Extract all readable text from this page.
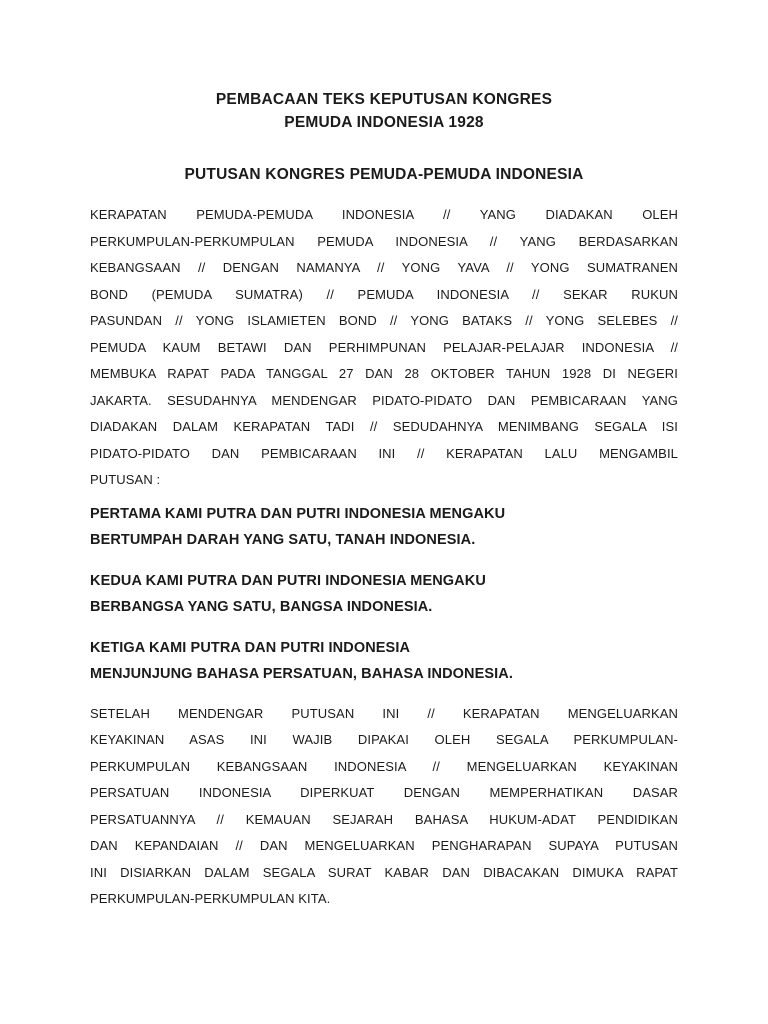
PEMBACAAN TEKS KEPUTUSAN KONGRES
PEMUDA INDONESIA 1928
PUTUSAN KONGRES PEMUDA-PEMUDA INDONESIA
KERAPATAN PEMUDA-PEMUDA INDONESIA // YANG DIADAKAN OLEH
PERKUMPULAN-PERKUMPULAN PEMUDA INDONESIA // YANG BERDASARKAN
KEBANGSAAN // DENGAN NAMANYA // YONG YAVA // YONG SUMATRANEN
BOND (PEMUDA SUMATRA) // PEMUDA INDONESIA // SEKAR RUKUN
PASUNDAN // YONG ISLAMIETEN BOND // YONG BATAKS // YONG SELEBES //
PEMUDA KAUM BETAWI DAN PERHIMPUNAN PELAJAR-PELAJAR INDONESIA //
MEMBUKA RAPAT PADA TANGGAL 27 DAN 28 OKTOBER TAHUN 1928 DI NEGERI
JAKARTA. SESUDAHNYA MENDENGAR PIDATO-PIDATO DAN PEMBICARAAN YANG
DIADAKAN DALAM KERAPATAN TADI // SEDUDAHNYA MENIMBANG SEGALA ISI
PIDATO-PIDATO DAN PEMBICARAAN INI // KERAPATAN LALU MENGAMBIL
PUTUSAN :
PERTAMA KAMI PUTRA DAN PUTRI INDONESIA MENGAKU
BERTUMPAH DARAH YANG SATU, TANAH INDONESIA.
KEDUA KAMI PUTRA DAN PUTRI INDONESIA MENGAKU
BERBANGSA YANG SATU, BANGSA INDONESIA.
KETIGA KAMI PUTRA DAN PUTRI INDONESIA
MENJUNJUNG BAHASA PERSATUAN, BAHASA INDONESIA.
SETELAH MENDENGAR PUTUSAN INI // KERAPATAN MENGELUARKAN
KEYAKINAN ASAS INI WAJIB DIPAKAI OLEH SEGALA PERKUMPULAN-
PERKUMPULAN KEBANGSAAN INDONESIA // MENGELUARKAN KEYAKINAN
PERSATUAN INDONESIA DIPERKUAT DENGAN MEMPERHATIKAN DASAR
PERSATUANNYA // KEMAUAN SEJARAH BAHASA HUKUM-ADAT PENDIDIKAN
DAN KEPANDAIAN // DAN MENGELUARKAN PENGHARAPAN SUPAYA PUTUSAN
INI DISIARKAN DALAM SEGALA SURAT KABAR DAN DIBACAKAN DIMUKA RAPAT
PERKUMPULAN-PERKUMPULAN KITA.
